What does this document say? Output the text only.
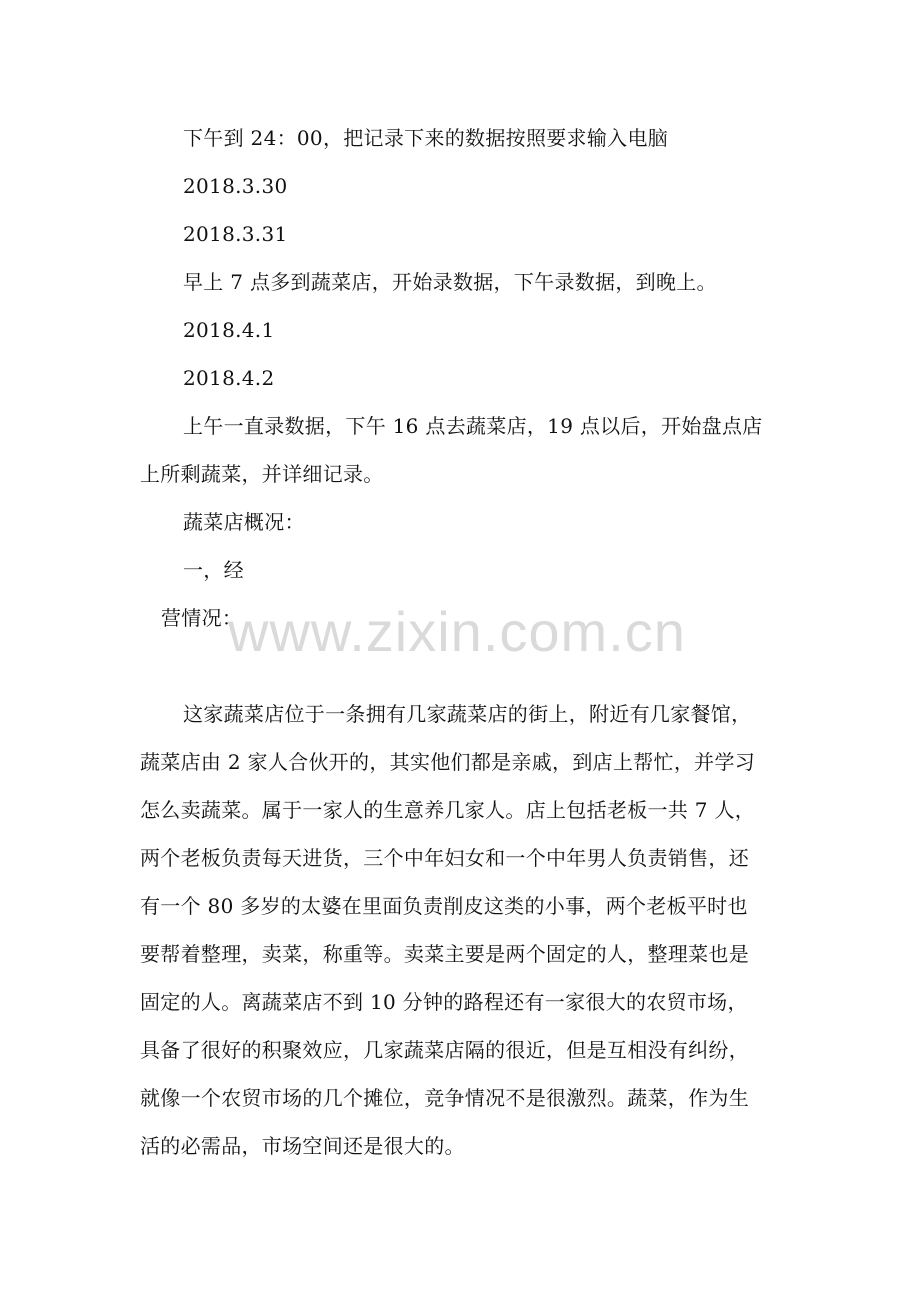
下午到 24：00，把记录下来的数据按照要求输入电脑
2018.3.30
2018.3.31
早上 7 点多到蔬菜店，开始录数据，下午录数据，到晚上。
2018.4.1
2018.4.2
上午一直录数据，下午 16 点去蔬菜店，19 点以后，开始盘点店
上所剩蔬菜，并详细记录。
蔬菜店概况：
一，经
营情况：
这家蔬菜店位于一条拥有几家蔬菜店的街上，附近有几家餐馆，
蔬菜店由 2 家人合伙开的，其实他们都是亲戚，到店上帮忙，并学习
怎么卖蔬菜。属于一家人的生意养几家人。店上包括老板一共 7 人，
两个老板负责每天进货，三个中年妇女和一个中年男人负责销售，还
有一个 80 多岁的太婆在里面负责削皮这类的小事，两个老板平时也
要帮着整理，卖菜，称重等。卖菜主要是两个固定的人，整理菜也是
固定的人。离蔬菜店不到 10 分钟的路程还有一家很大的农贸市场，
具备了很好的积聚效应，几家蔬菜店隔的很近，但是互相没有纠纷，
就像一个农贸市场的几个摊位，竞争情况不是很激烈。蔬菜，作为生
活的必需品，市场空间还是很大的。
www.zixin.com.cn
